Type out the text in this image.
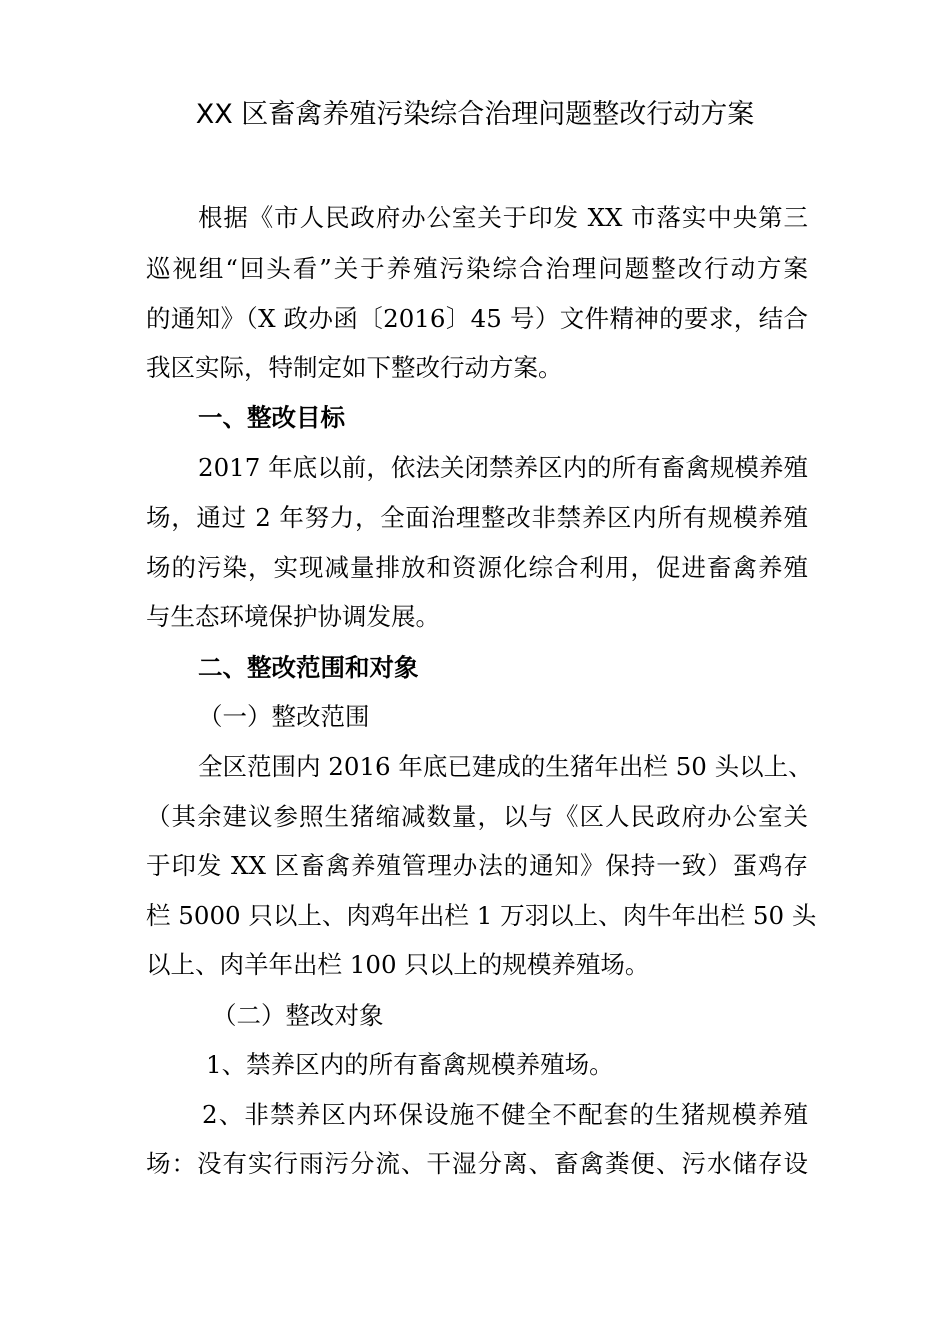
XX 区畜禽养殖污染综合治理问题整改行动方案
根据《市人民政府办公室关于印发 XX 市落实中央第三
巡视组“回头看”关于养殖污染综合治理问题整改行动方案
的通知》（X 政办函〔2016〕45 号）文件精神的要求，结合
我区实际，特制定如下整改行动方案。
一、整改目标
2017 年底以前，依法关闭禁养区内的所有畜禽规模养殖
场，通过 2 年努力，全面治理整改非禁养区内所有规模养殖
场的污染，实现减量排放和资源化综合利用，促进畜禽养殖
与生态环境保护协调发展。
二、整改范围和对象
（一）整改范围
全区范围内 2016 年底已建成的生猪年出栏 50 头以上、
（其余建议参照生猪缩减数量，以与《区人民政府办公室关
于印发 XX 区畜禽养殖管理办法的通知》保持一致）蛋鸡存
栏 5000 只以上、肉鸡年出栏 1 万羽以上、肉牛年出栏 50 头
以上、肉羊年出栏 100 只以上的规模养殖场。
（二）整改对象
1、禁养区内的所有畜禽规模养殖场。
2、非禁养区内环保设施不健全不配套的生猪规模养殖
场：没有实行雨污分流、干湿分离、畜禽粪便、污水储存设
